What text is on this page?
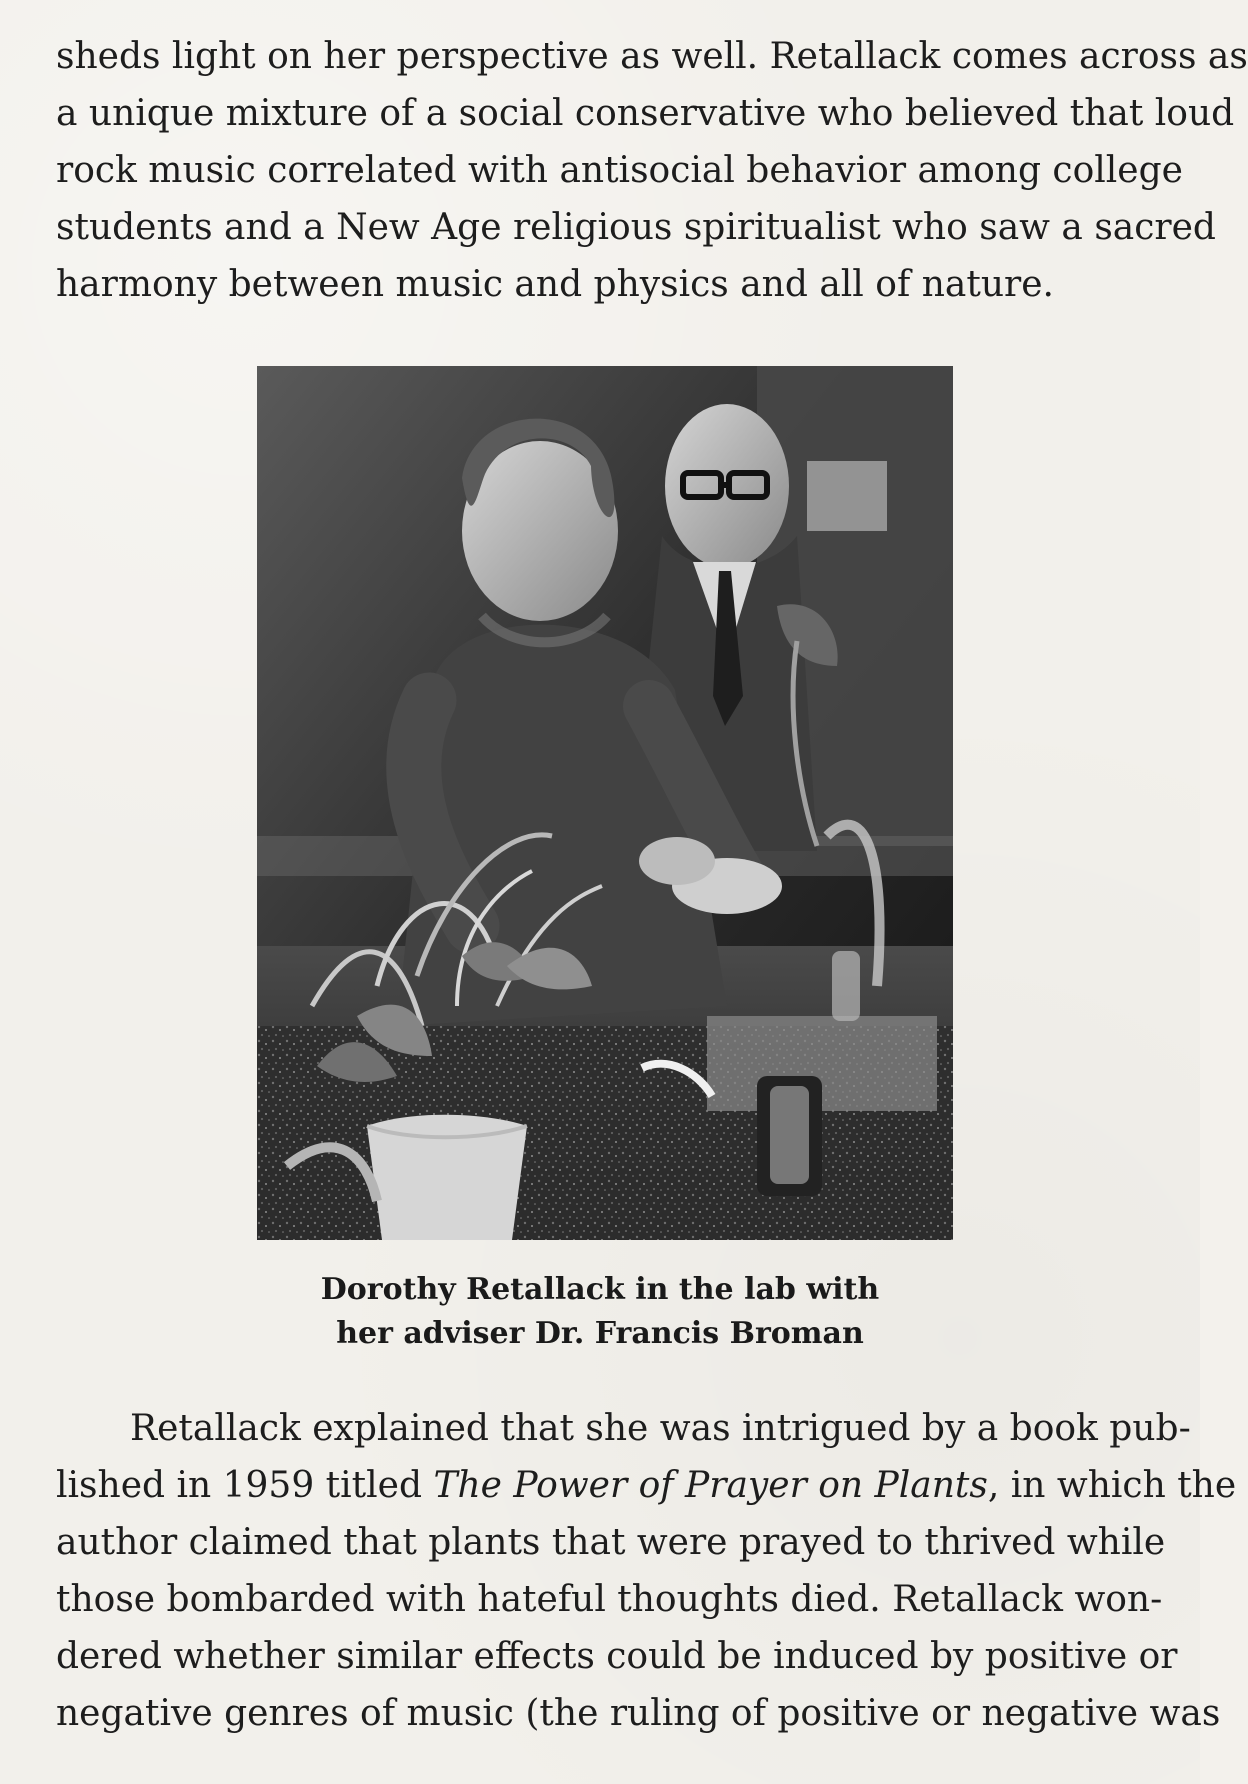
sheds light on her perspective as well. Retallack comes across as
a unique mixture of a social conservative who believed that loud
rock music correlated with antisocial behavior among college
students and a New Age religious spiritualist who saw a sacred
harmony between music and physics and all of nature.
Dorothy Retallack in the lab with
her adviser Dr. Francis Broman
Retallack explained that she was intrigued by a book pub-
lished in 1959 titled The Power of Prayer on Plants, in which the
author claimed that plants that were prayed to thrived while
those bombarded with hateful thoughts died. Retallack won-
dered whether similar effects could be induced by positive or
negative genres of music (the ruling of positive or negative was
